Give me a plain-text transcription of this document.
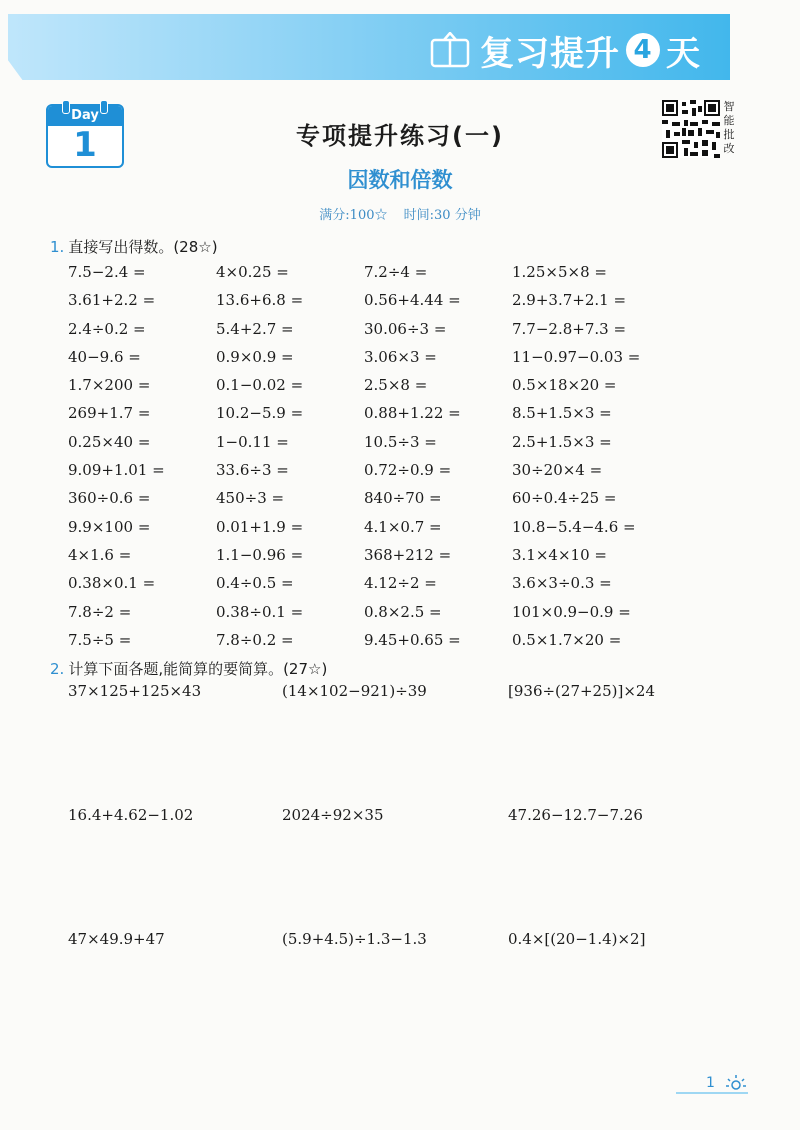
复习提升 4 天
Day
1	专项提升练习(一)
因数和倍数
满分:100☆ 时间:30 分钟
智
能
批
改
1. 直接写出得数。(28☆)
7.5−2.4 =	4×0.25 =	7.2÷4 =	1.25×5×8 =
3.61+2.2 =	13.6+6.8 =	0.56+4.44 =	2.9+3.7+2.1 =
2.4÷0.2 =	5.4+2.7 =	30.06÷3 =	7.7−2.8+7.3 =
40−9.6 =	0.9×0.9 =	3.06×3 =	11−0.97−0.03 =
1.7×200 =	0.1−0.02 =	2.5×8 =	0.5×18×20 =
269+1.7 =	10.2−5.9 =	0.88+1.22 =	8.5+1.5×3 =
0.25×40 =	1−0.11 =	10.5÷3 =	2.5+1.5×3 =
9.09+1.01 =	33.6÷3 =	0.72÷0.9 =	30÷20×4 =
360÷0.6 =	450÷3 =	840÷70 =	60÷0.4÷25 =
9.9×100 =	0.01+1.9 =	4.1×0.7 =	10.8−5.4−4.6 =
4×1.6 =	1.1−0.96 =	368+212 =	3.1×4×10 =
0.38×0.1 =	0.4÷0.5 =	4.12÷2 =	3.6×3÷0.3 =
7.8÷2 =	0.38÷0.1 =	0.8×2.5 =	101×0.9−0.9 =
7.5÷5 =	7.8÷0.2 =	9.45+0.65 =	0.5×1.7×20 =
2. 计算下面各题,能简算的要简算。(27☆)
37×125+125×43	(14×102−921)÷39	[936÷(27+25)]×24
16.4+4.62−1.02	2024÷92×35	47.26−12.7−7.26
47×49.9+47	(5.9+4.5)÷1.3−1.3	0.4×[(20−1.4)×2]
1
